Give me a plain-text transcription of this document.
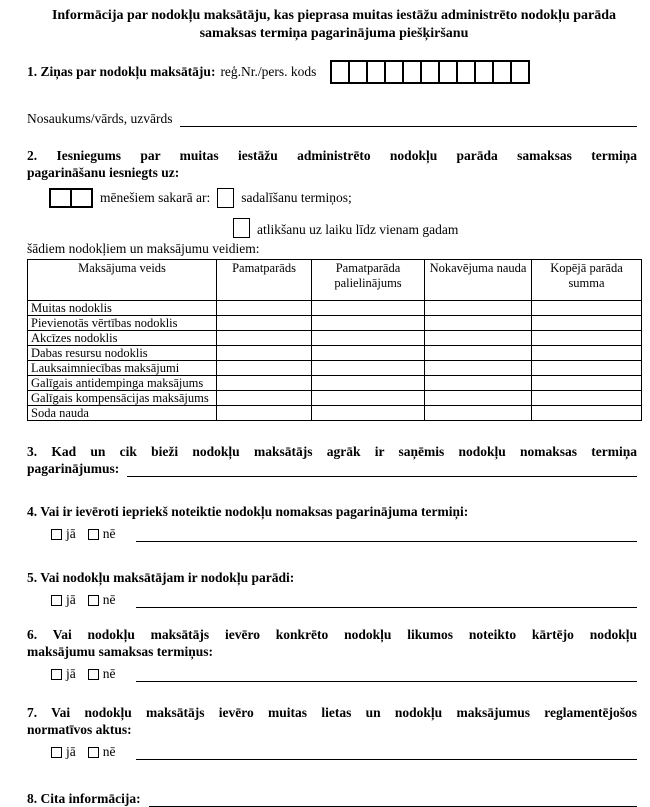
Informācija par nodokļu maksātāju, kas pieprasa muitas iestāžu administrēto nodokļu parāda samaksas termiņa pagarinājuma piešķiršanu
1. Ziņas par nodokļu maksātāju: reģ.Nr./pers. kods
Nosaukums/vārds, uzvārds
2. Iesniegums par muitas iestāžu administrēto nodokļu parāda samaksas termiņa
pagarināšanu iesniegts uz:
mēnešiem sakarā ar: sadalīšanu termiņos;
atlikšanu uz laiku līdz vienam gadam
šādiem nodokļiem un maksājumu veidiem:
Maksājuma veids	Pamatparāds	Pamatparāda palielinājums	Nokavējuma nauda	Kopējā parāda summa
Muitas nodoklis				
Pievienotās vērtības nodoklis				
Akcīzes nodoklis				
Dabas resursu nodoklis				
Lauksaimniecības maksājumi				
Galīgais antidempinga maksājums				
Galīgais kompensācijas maksājums				
Soda nauda				
3. Kad un cik bieži nodokļu maksātājs agrāk ir saņēmis nodokļu nomaksas termiņa
pagarinājumus:
4. Vai ir ievēroti iepriekš noteiktie nodokļu nomaksas pagarinājuma termiņi:
jā nē
5. Vai nodokļu maksātājam ir nodokļu parādi:
jā nē
6. Vai nodokļu maksātājs ievēro konkrēto nodokļu likumos noteikto kārtējo nodokļu
maksājumu samaksas termiņus:
jā nē
7. Vai nodokļu maksātājs ievēro muitas lietas un nodokļu maksājumus reglamentējošos
normatīvos aktus:
jā nē
8. Cita informācija:
